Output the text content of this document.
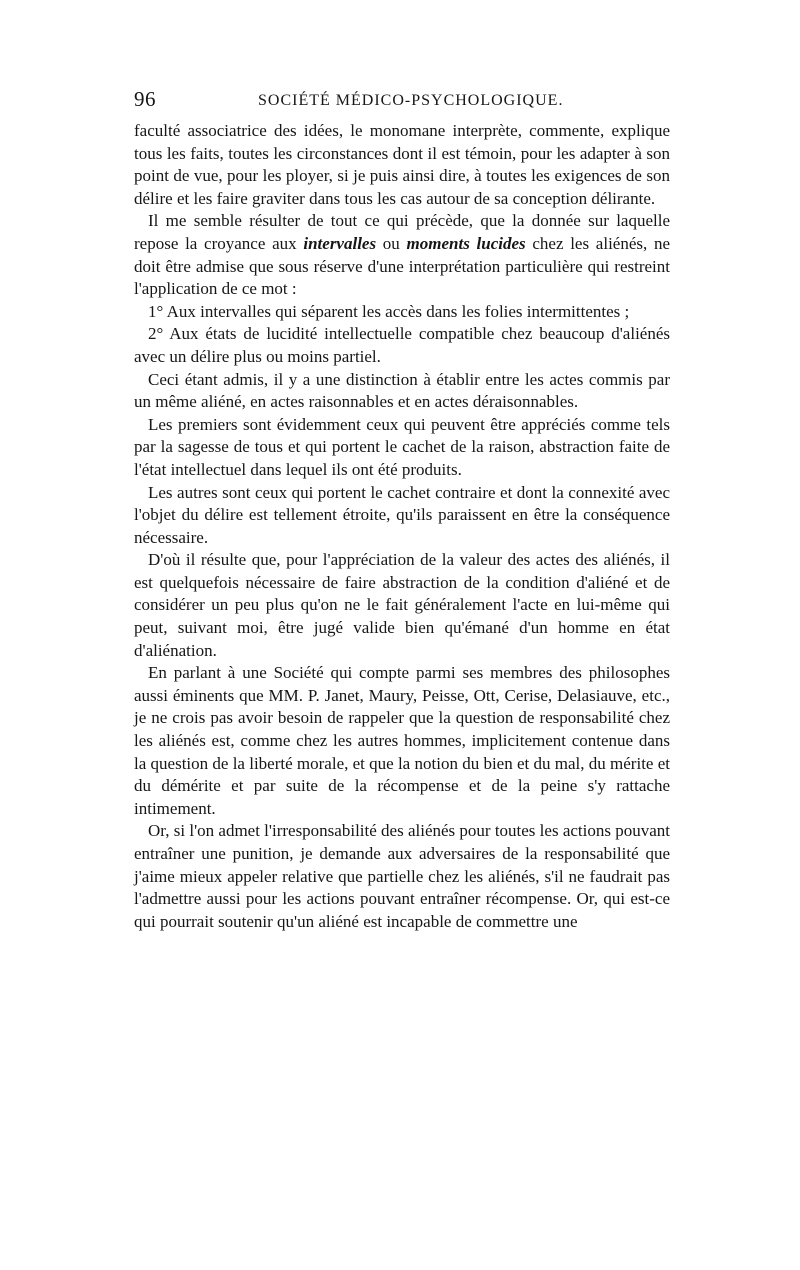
96	SOCIÉTÉ MÉDICO-PSYCHOLOGIQUE.

faculté associatrice des idées, le monomane interprète, commente, explique tous les faits, toutes les circonstances dont il est témoin, pour les adapter à son point de vue, pour les ployer, si je puis ainsi dire, à toutes les exigences de son délire et les faire graviter dans tous les cas autour de sa conception délirante.

Il me semble résulter de tout ce qui précède, que la donnée sur laquelle repose la croyance aux intervalles ou moments lucides chez les aliénés, ne doit être admise que sous réserve d'une interprétation particulière qui restreint l'application de ce mot :

1° Aux intervalles qui séparent les accès dans les folies intermittentes ;

2° Aux états de lucidité intellectuelle compatible chez beaucoup d'aliénés avec un délire plus ou moins partiel.

Ceci étant admis, il y a une distinction à établir entre les actes commis par un même aliéné, en actes raisonnables et en actes déraisonnables.

Les premiers sont évidemment ceux qui peuvent être appréciés comme tels par la sagesse de tous et qui portent le cachet de la raison, abstraction faite de l'état intellectuel dans lequel ils ont été produits.

Les autres sont ceux qui portent le cachet contraire et dont la connexité avec l'objet du délire est tellement étroite, qu'ils paraissent en être la conséquence nécessaire.

D'où il résulte que, pour l'appréciation de la valeur des actes des aliénés, il est quelquefois nécessaire de faire abstraction de la condition d'aliéné et de considérer un peu plus qu'on ne le fait généralement l'acte en lui-même qui peut, suivant moi, être jugé valide bien qu'émané d'un homme en état d'aliénation.

En parlant à une Société qui compte parmi ses membres des philosophes aussi éminents que MM. P. Janet, Maury, Peisse, Ott, Cerise, Delasiauve, etc., je ne crois pas avoir besoin de rappeler que la question de responsabilité chez les aliénés est, comme chez les autres hommes, implicitement contenue dans la question de la liberté morale, et que la notion du bien et du mal, du mérite et du démérite et par suite de la récompense et de la peine s'y rattache intimement.

Or, si l'on admet l'irresponsabilité des aliénés pour toutes les actions pouvant entraîner une punition, je demande aux adversaires de la responsabilité que j'aime mieux appeler relative que partielle chez les aliénés, s'il ne faudrait pas l'admettre aussi pour les actions pouvant entraîner récompense. Or, qui est-ce qui pourrait soutenir qu'un aliéné est incapable de commettre une
